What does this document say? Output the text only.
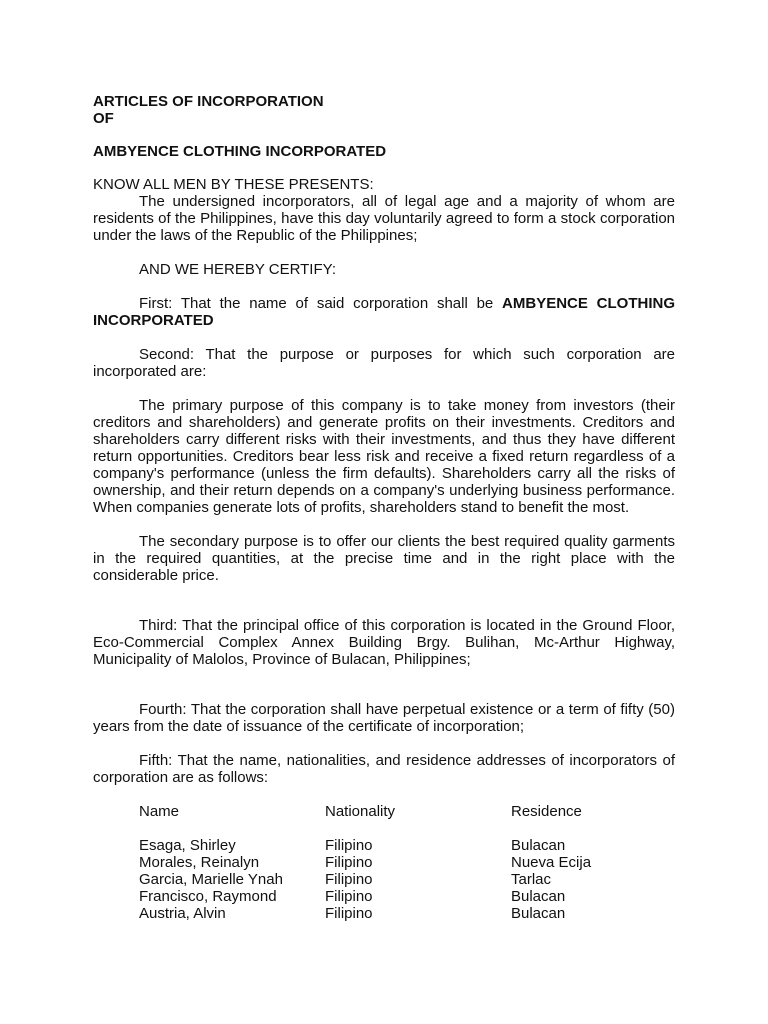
ARTICLES OF INCORPORATION

OF

AMBYENCE CLOTHING INCORPORATED

KNOW ALL MEN BY THESE PRESENTS:

The undersigned incorporators, all of legal age and a majority of whom are residents of the Philippines, have this day voluntarily agreed to form a stock corporation under the laws of the Republic of the Philippines;

AND WE HEREBY CERTIFY:

First: That the name of said corporation shall be AMBYENCE CLOTHING INCORPORATED

Second: That the purpose or purposes for which such corporation are incorporated are:

The primary purpose of this company is to take money from investors (their creditors and shareholders) and generate profits on their investments. Creditors and shareholders carry different risks with their investments, and thus they have different return opportunities. Creditors bear less risk and receive a fixed return regardless of a company's performance (unless the firm defaults). Shareholders carry all the risks of ownership, and their return depends on a company's underlying business performance. When companies generate lots of profits, shareholders stand to benefit the most.

The secondary purpose is to offer our clients the best required quality garments in the required quantities, at the precise time and in the right place with the considerable price.

Third: That the principal office of this corporation is located in the Ground Floor, Eco-Commercial Complex Annex Building Brgy. Bulihan, Mc-Arthur Highway, Municipality of Malolos, Province of Bulacan, Philippines;

Fourth: That the corporation shall have perpetual existence or a term of fifty (50) years from the date of issuance of the certificate of incorporation;

Fifth: That the name, nationalities, and residence addresses of incorporators of corporation are as follows:

Name	Nationality	Residence
Esaga, Shirley	Filipino	Bulacan
Morales, Reinalyn	Filipino	Nueva Ecija
Garcia, Marielle Ynah	Filipino	Tarlac
Francisco, Raymond	Filipino	Bulacan
Austria, Alvin	Filipino	Bulacan
